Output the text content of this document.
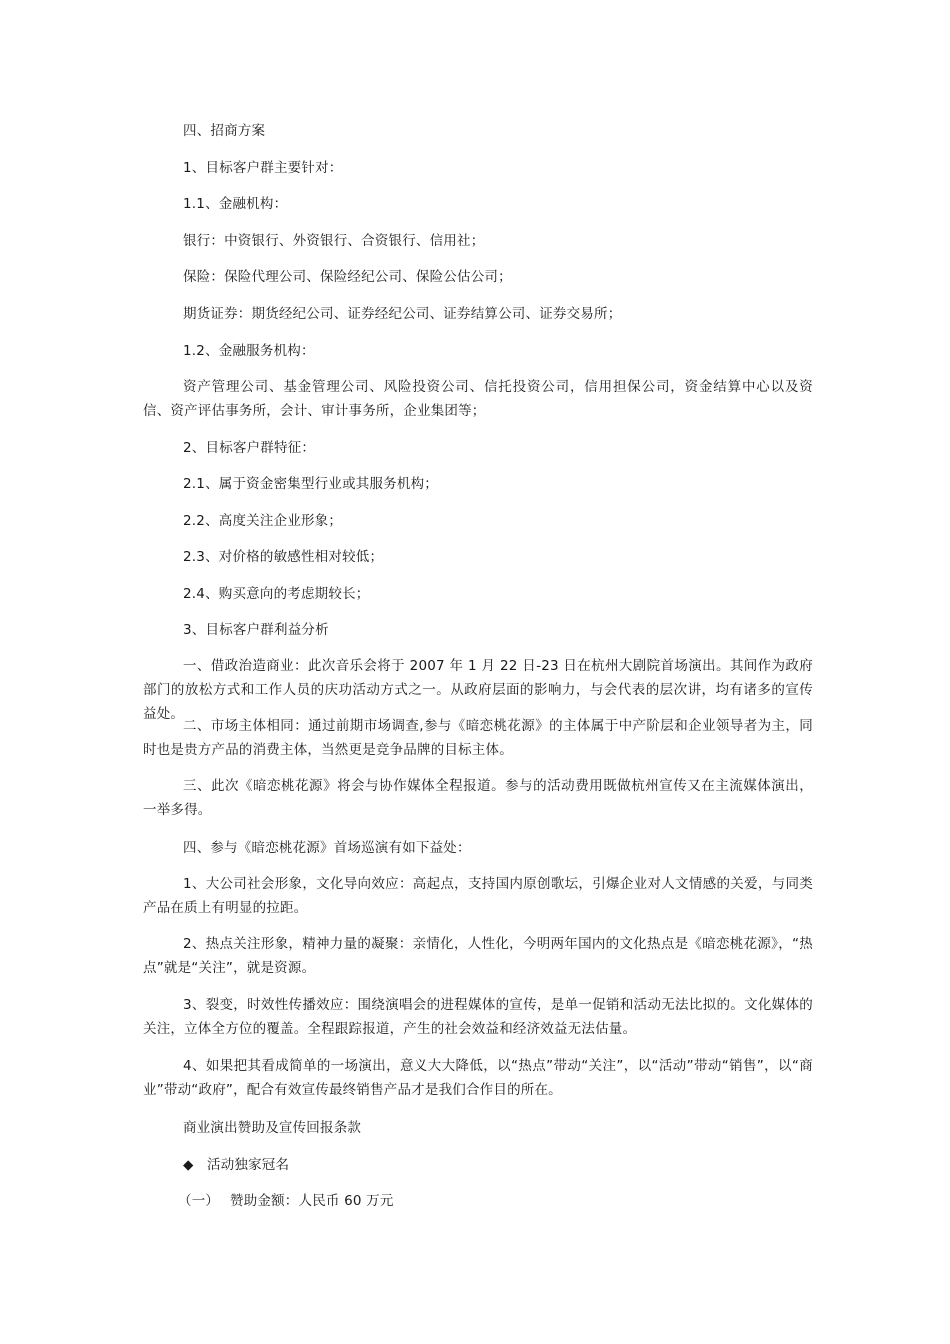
四、招商方案
1、目标客户群主要针对：
1.1、金融机构：
银行：中资银行、外资银行、合资银行、信用社；
保险：保险代理公司、保险经纪公司、保险公估公司；
期货证券：期货经纪公司、证券经纪公司、证券结算公司、证券交易所；
1.2、金融服务机构：
资产管理公司、基金管理公司、风险投资公司、信托投资公司，信用担保公司，资金结算中心以及资信、资产评估事务所，会计、审计事务所，企业集团等；
2、目标客户群特征：
2.1、属于资金密集型行业或其服务机构；
2.2、高度关注企业形象；
2.3、对价格的敏感性相对较低；
2.4、购买意向的考虑期较长；
3、目标客户群利益分析
一、借政治造商业：此次音乐会将于 2007 年 1 月 22 日-23 日在杭州大剧院首场演出。其间作为政府部门的放松方式和工作人员的庆功活动方式之一。从政府层面的影响力，与会代表的层次讲，均有诸多的宣传益处。
二、市场主体相同：通过前期市场调查,参与《暗恋桃花源》的主体属于中产阶层和企业领导者为主，同时也是贵方产品的消费主体，当然更是竞争品牌的目标主体。
三、此次《暗恋桃花源》将会与协作媒体全程报道。参与的活动费用既做杭州宣传又在主流媒体演出，一举多得。
四、参与《暗恋桃花源》首场巡演有如下益处：
1、大公司社会形象，文化导向效应：高起点，支持国内原创歌坛，引爆企业对人文情感的关爱，与同类产品在质上有明显的拉距。
2、热点关注形象，精神力量的凝聚：亲情化，人性化，今明两年国内的文化热点是《暗恋桃花源》，“热点”就是“关注”，就是资源。
3、裂变，时效性传播效应：围绕演唱会的进程媒体的宣传，是单一促销和活动无法比拟的。文化媒体的关注，立体全方位的覆盖。全程跟踪报道，产生的社会效益和经济效益无法估量。
4、如果把其看成简单的一场演出，意义大大降低，以“热点”带动“关注”，以“活动”带动“销售”，以“商业”带动“政府”，配合有效宣传最终销售产品才是我们合作目的所在。
商业演出赞助及宣传回报条款
◆ 活动独家冠名
（一） 赞助金额：人民币 60 万元
